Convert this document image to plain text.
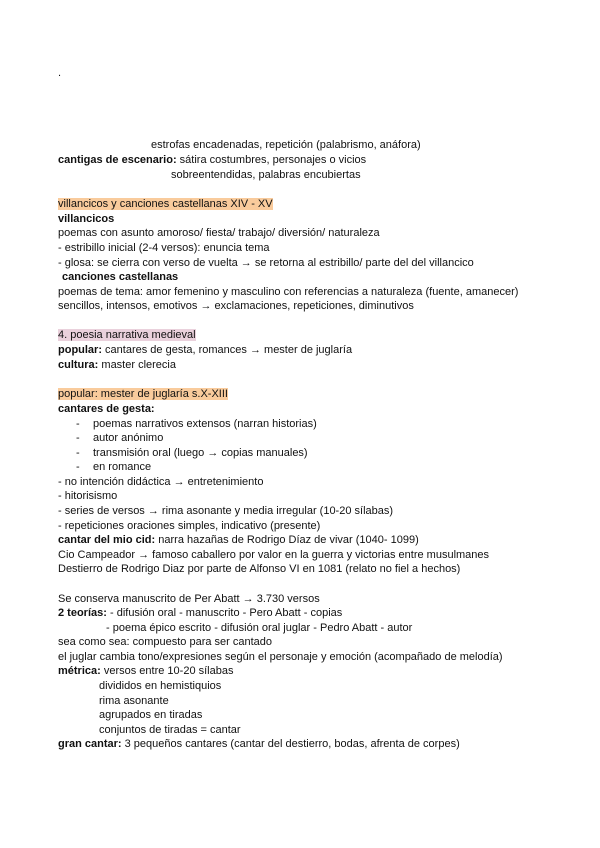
.
estrofas encadenadas, repetición (palabrismo, anáfora)
cantigas de escenario: sátira costumbres, personajes o vicios
sobreentendidas, palabras encubiertas
villancicos y canciones castellanas XIV - XV
villancicos
poemas con asunto amoroso/ fiesta/ trabajo/ diversión/ naturaleza
- estribillo inicial (2-4 versos): enuncia tema
- glosa: se cierra con verso de vuelta → se retorna al estribillo/ parte del del villancico
canciones castellanas
poemas de tema: amor femenino y masculino con referencias a naturaleza (fuente, amanecer)
sencillos, intensos, emotivos → exclamaciones, repeticiones, diminutivos
4. poesia narrativa medieval
popular: cantares de gesta, romances → mester de juglaría
cultura: master clerecia
popular: mester de juglaría s.X-XIII
cantares de gesta:
- poemas narrativos extensos (narran historias)
- autor anónimo
- transmisión oral (luego → copias manuales)
- en romance
- no intención didáctica → entretenimiento
- hitorisismo
- series de versos → rima asonante y media irregular (10-20 sílabas)
- repeticiones oraciones simples, indicativo (presente)
cantar del mio cid: narra hazañas de Rodrigo Díaz de vivar (1040- 1099)
Cio Campeador → famoso caballero por valor en la guerra y victorias entre musulmanes
Destierro de Rodrigo Diaz por parte de Alfonso VI en 1081 (relato no fiel a hechos)
Se conserva manuscrito de Per Abatt → 3.730 versos
2 teorías: - difusión oral - manuscrito - Pero Abatt - copias
- poema épico escrito - difusión oral juglar - Pedro Abatt - autor
sea como sea: compuesto para ser cantado
el juglar cambia tono/expresiones según el personaje y emoción (acompañado de melodía)
métrica: versos entre 10-20 sílabas
divididos en hemistiquios
rima asonante
agrupados en tiradas
conjuntos de tiradas = cantar
gran cantar: 3 pequeños cantares (cantar del destierro, bodas, afrenta de corpes)
